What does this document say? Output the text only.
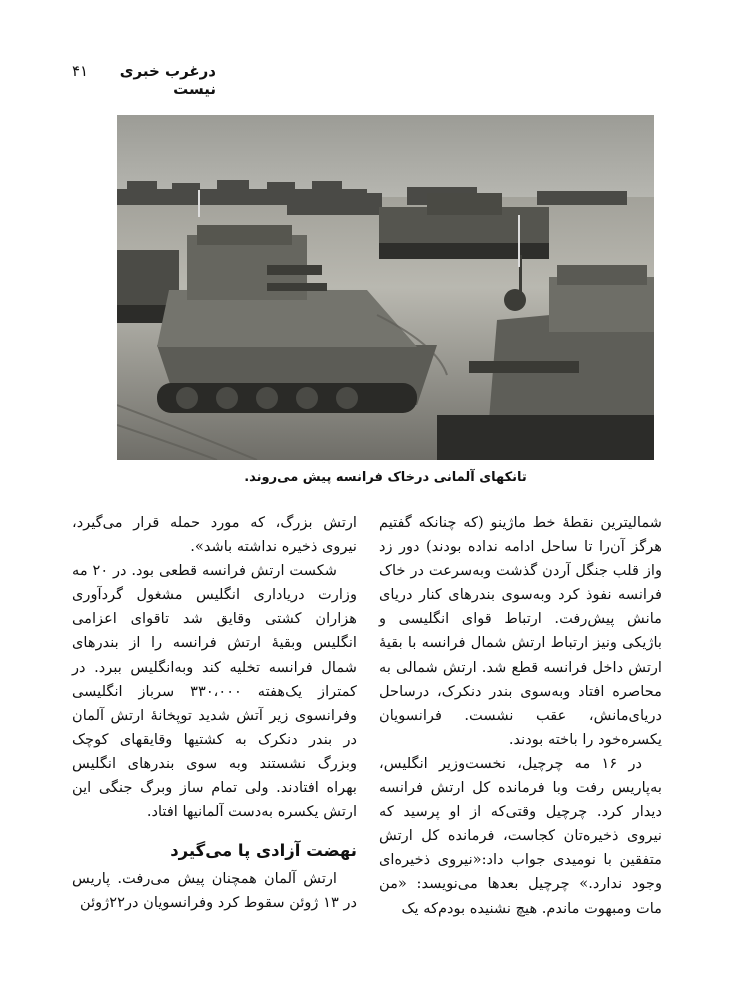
درغرب خبری نیست
۴۱
تانکهای آلمانی درخاک فرانسه پیش می‌روند.

شمالیترین نقطهٔ خط ماژینو (که چنانکه گفتیم هرگز آن‌را تا ساحل ادامه نداده بودند) دور زد واز قلب جنگل آردن گذشت وبه‌سرعت در خاک فرانسه نفوذ کرد وبه‌سوی بندرهای کنار دریای مانش پیش‌رفت. ارتباط قوای انگلیسی و باژیکی ونیز ارتباط ارتش شمال فرانسه با بقیهٔ ارتش داخل فرانسه قطع شد. ارتش شمالی به محاصره افتاد وبه‌سوی بندر دنکرک، درساحل دریای‌مانش، عقب نشست. فرانسویان یکسره‌خود را باخته بودند.

در ۱۶ مه چرچیل، نخست‌وزیر انگلیس، به‌پاریس رفت وبا فرمانده کل ارتش فرانسه دیدار کرد. چرچیل وقتی‌که از او پرسید که نیروی ذخیره‌تان کجاست، فرمانده کل ارتش متفقین با نومیدی جواب داد:«نیروی ذخیره‌ای وجود ندارد.» چرچیل بعدها می‌نویسد: «من مات ومبهوت ماندم. هیچ نشنیده بودم‌که یک

ارتش بزرگ، که مورد حمله قرار می‌گیرد، نیروی ذخیره نداشته باشد».

شکست ارتش فرانسه قطعی بود. در ۲۰ مه وزارت دریاداری انگلیس مشغول گردآوری هزاران کشتی وقایق شد تاقوای اعزامی انگلیس وبقیهٔ ارتش فرانسه را از بندرهای شمال فرانسه تخلیه کند وبه‌انگلیس ببرد. در کمتراز یک‌هفته ۳۳۰،۰۰۰ سرباز انگلیسی وفرانسوی زیر آتش شدید توپخانهٔ ارتش آلمان در بندر دنکرک به کشتیها وقایقهای کوچک وبزرگ نشستند وبه سوی بندرهای انگلیس بهراه افتادند. ولی تمام ساز وبرگ جنگی این ارتش یکسره به‌دست آلمانیها افتاد.

نهضت آزادی پا می‌گیرد

ارتش آلمان همچنان پیش می‌رفت. پاریس در ۱۳ ژوئن سقوط کرد وفرانسویان در۲۲ژوئن
